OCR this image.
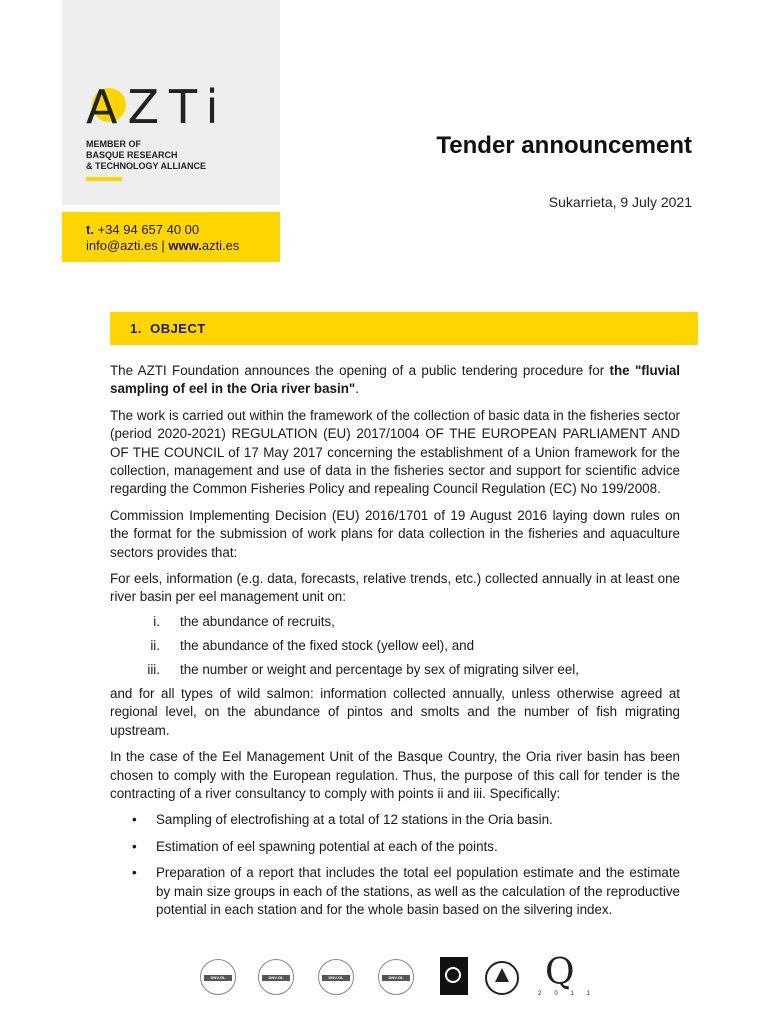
AZTi
MEMBER OF
BASQUE RESEARCH
& TECHNOLOGY ALLIANCE
t. +34 94 657 40 00
info@azti.es | www.azti.es
Tender announcement
Sukarrieta, 9 July 2021
1. OBJECT

The AZTI Foundation announces the opening of a public tendering procedure for the "fluvial sampling of eel in the Oria river basin".

The work is carried out within the framework of the collection of basic data in the fisheries sector (period 2020-2021) REGULATION (EU) 2017/1004 OF THE EUROPEAN PARLIAMENT AND OF THE COUNCIL of 17 May 2017 concerning the establishment of a Union framework for the collection, management and use of data in the fisheries sector and support for scientific advice regarding the Common Fisheries Policy and repealing Council Regulation (EC) No 199/2008.

Commission Implementing Decision (EU) 2016/1701 of 19 August 2016 laying down rules on the format for the submission of work plans for data collection in the fisheries and aquaculture sectors provides that:

For eels, information (e.g. data, forecasts, relative trends, etc.) collected annually in at least one river basin per eel management unit on:

i. the abundance of recruits,
ii. the abundance of the fixed stock (yellow eel), and
iii. the number or weight and percentage by sex of migrating silver eel,

and for all types of wild salmon: information collected annually, unless otherwise agreed at regional level, on the abundance of pintos and smolts and the number of fish migrating upstream.

In the case of the Eel Management Unit of the Basque Country, the Oria river basin has been chosen to comply with the European regulation. Thus, the purpose of this call for tender is the contracting of a river consultancy to comply with points ii and iii. Specifically:

• Sampling of electrofishing at a total of 12 stations in the Oria basin.
• Estimation of eel spawning potential at each of the points.
• Preparation of a report that includes the total eel population estimate and the estimate by main size groups in each of the stations, as well as the calculation of the reproductive potential in each station and for the whole basin based on the silvering index.
DNV-GL	DNV-GL	DNV-GL	DNV-GL	Q
2011
